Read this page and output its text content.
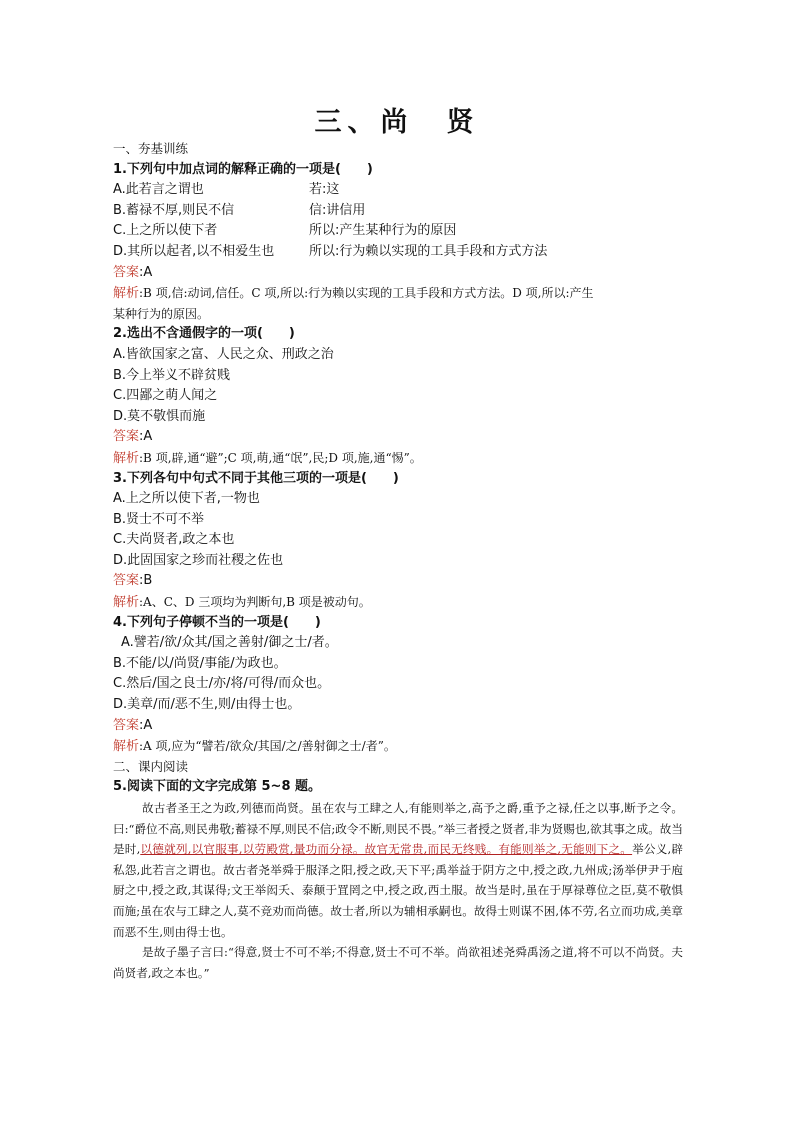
三、尚　贤
一、夯基训练
1.下列句中加点词的解释正确的一项是(　　)
A.此若言之谓也	若:这
B.蓄禄不厚,则民不信	信:讲信用
C.上之所以使下者	所以:产生某种行为的原因
D.其所以起者,以不相爱生也	所以:行为赖以实现的工具手段和方式方法
答案:A
解析:B 项,信:动词,信任。C 项,所以:行为赖以实现的工具手段和方式方法。D 项,所以:产生
某种行为的原因。
2.选出不含通假字的一项(　　)
A.皆欲国家之富、人民之众、刑政之治
B.今上举义不辟贫贱
C.四鄙之萌人闻之
D.莫不敬惧而施
答案:A
解析:B 项,辟,通“避”;C 项,萌,通“氓”,民;D 项,施,通“惕”。
3.下列各句中句式不同于其他三项的一项是(　　)
A.上之所以使下者,一物也
B.贤士不可不举
C.夫尚贤者,政之本也
D.此固国家之珍而社稷之佐也
答案:B
解析:A、C、D 三项均为判断句,B 项是被动句。
4.下列句子停顿不当的一项是(　　)
A.譬若/欲/众其/国之善射/御之士/者。
B.不能/以/尚贤/事能/为政也。
C.然后/国之良士/亦/将/可得/而众也。
D.美章/而/恶不生,则/由得士也。
答案:A
解析:A 项,应为“譬若/欲众/其国/之/善射御之士/者”。
二、课内阅读
5.阅读下面的文字完成第 5~8 题。
故古者圣王之为政,列德而尚贤。虽在农与工肆之人,有能则举之,高予之爵,重予之禄,任之以事,断予之令。曰:“爵位不高,则民弗敬;蓄禄不厚,则民不信;政令不断,则民不畏。”举三者授之贤者,非为贤赐也,欲其事之成。故当是时,以德就列,以官服事,以劳殿赏,量功而分禄。故官无常贵,而民无终贱。有能则举之,无能则下之。举公义,辟私怨,此若言之谓也。故古者尧举舜于服泽之阳,授之政,天下平;禹举益于阴方之中,授之政,九州成;汤举伊尹于庖厨之中,授之政,其谋得;文王举闳夭、泰颠于罝罔之中,授之政,西土服。故当是时,虽在于厚禄尊位之臣,莫不敬惧而施;虽在农与工肆之人,莫不竞劝而尚德。故士者,所以为辅相承嗣也。故得士则谋不困,体不劳,名立而功成,美章而恶不生,则由得士也。
是故子墨子言曰:“得意,贤士不可不举;不得意,贤士不可不举。尚欲祖述尧舜禹汤之道,将不可以不尚贤。夫尚贤者,政之本也。”
